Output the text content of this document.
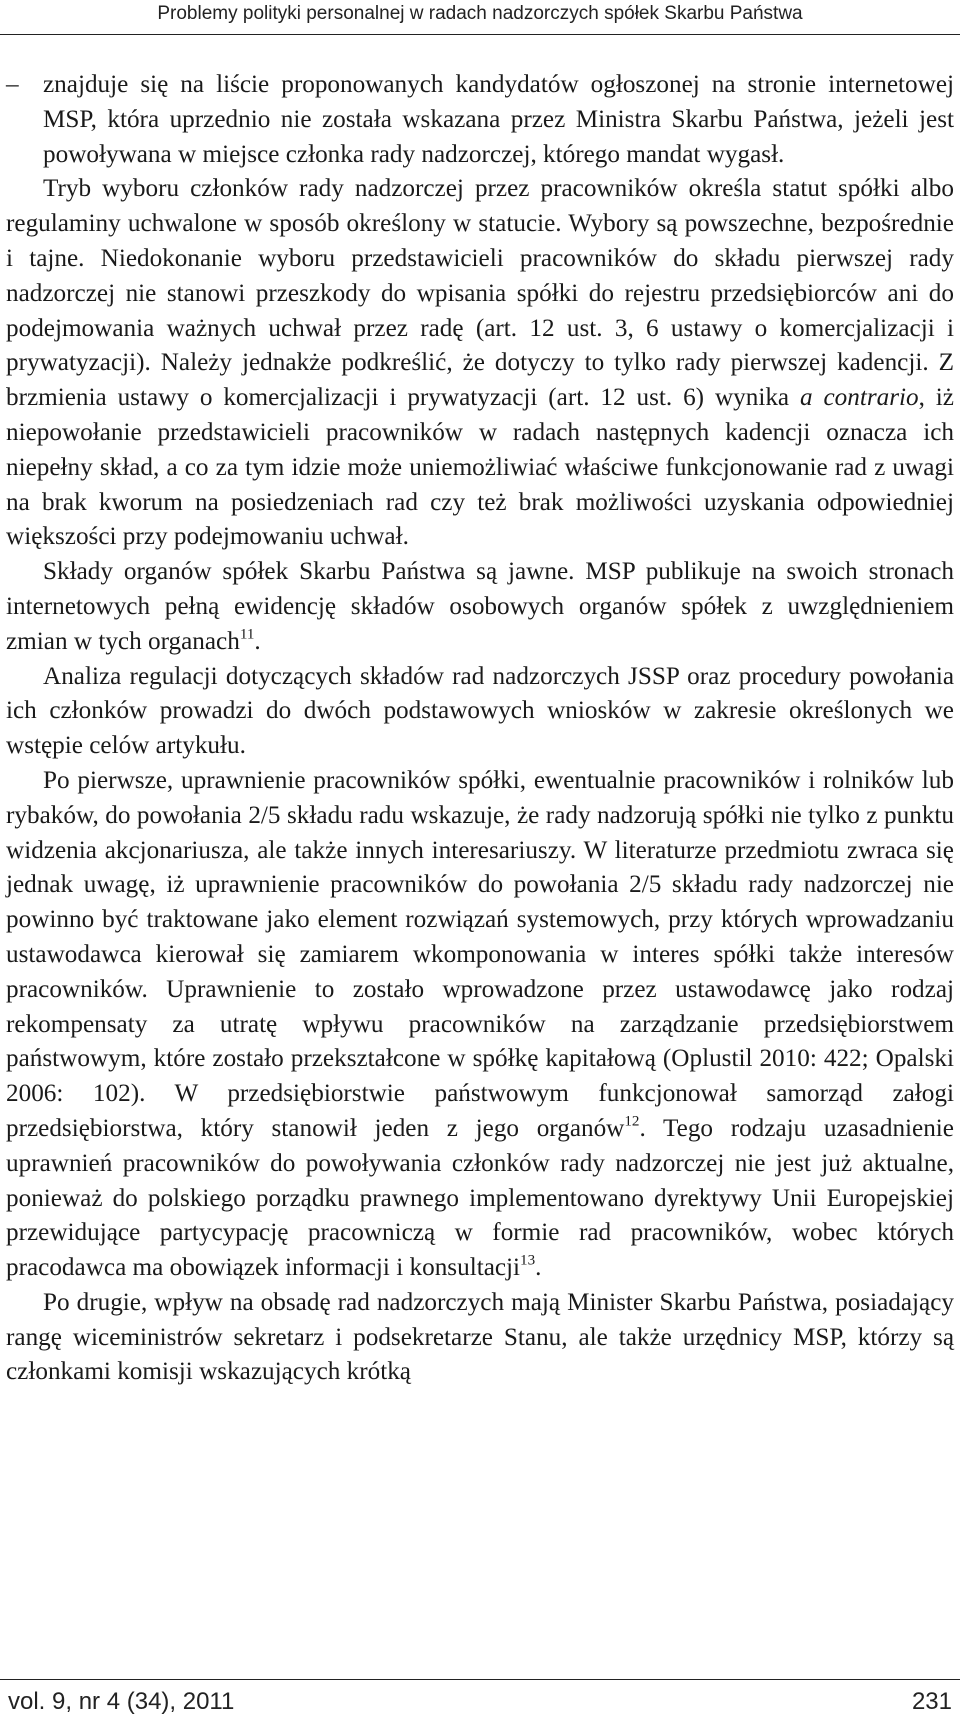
Problemy polityki personalnej w radach nadzorczych spółek Skarbu Państwa

– znajduje się na liście proponowanych kandydatów ogłoszonej na stronie internetowej MSP, która uprzednio nie została wskazana przez Ministra Skarbu Państwa, jeżeli jest powoływana w miejsce członka rady nadzorczej, którego mandat wygasł.

Tryb wyboru członków rady nadzorczej przez pracowników określa statut spółki albo regulaminy uchwalone w sposób określony w statucie. Wybory są powszechne, bezpośrednie i tajne. Niedokonanie wyboru przedstawicieli pracowników do składu pierwszej rady nadzorczej nie stanowi przeszkody do wpisania spółki do rejestru przedsiębiorców ani do podejmowania ważnych uchwał przez radę (art. 12 ust. 3, 6 ustawy o komercjalizacji i prywatyzacji). Należy jednakże podkreślić, że dotyczy to tylko rady pierwszej kadencji. Z brzmienia ustawy o komercjalizacji i prywatyzacji (art. 12 ust. 6) wynika a contrario, iż niepowołanie przedstawicieli pracowników w radach następnych kadencji oznacza ich niepełny skład, a co za tym idzie może uniemożliwiać właściwe funkcjonowanie rad z uwagi na brak kworum na posiedzeniach rad czy też brak możliwości uzyskania odpowiedniej większości przy podejmowaniu uchwał.

Składy organów spółek Skarbu Państwa są jawne. MSP publikuje na swoich stronach internetowych pełną ewidencję składów osobowych organów spółek z uwzględnieniem zmian w tych organach$^{11}$.

Analiza regulacji dotyczących składów rad nadzorczych JSSP oraz procedury powołania ich członków prowadzi do dwóch podstawowych wniosków w zakresie określonych we wstępie celów artykułu.

Po pierwsze, uprawnienie pracowników spółki, ewentualnie pracowników i rolników lub rybaków, do powołania 2/5 składu radu wskazuje, że rady nadzorują spółki nie tylko z punktu widzenia akcjonariusza, ale także innych interesariuszy. W literaturze przedmiotu zwraca się jednak uwagę, iż uprawnienie pracowników do powołania 2/5 składu rady nadzorczej nie powinno być traktowane jako element rozwiązań systemowych, przy których wprowadzaniu ustawodawca kierował się zamiarem wkomponowania w interes spółki także interesów pracowników. Uprawnienie to zostało wprowadzone przez ustawodawcę jako rodzaj rekompensaty za utratę wpływu pracowników na zarządzanie przedsiębiorstwem państwowym, które zostało przekształcone w spółkę kapitałową (Oplustil 2010: 422; Opalski 2006: 102). W przedsiębiorstwie państwowym funkcjonował samorząd załogi przedsiębiorstwa, który stanowił jeden z jego organów$^{12}$. Tego rodzaju uzasadnienie uprawnień pracowników do powoływania członków rady nadzorczej nie jest już aktualne, ponieważ do polskiego porządku prawnego implementowano dyrektywy Unii Europejskiej przewidujące partycypację pracowniczą w formie rad pracowników, wobec których pracodawca ma obowiązek informacji i konsultacji$^{13}$.

Po drugie, wpływ na obsadę rad nadzorczych mają Minister Skarbu Państwa, posiadający rangę wiceministrów sekretarz i podsekretarze Stanu, ale także urzędnicy MSP, którzy są członkami komisji wskazujących krótką

vol. 9, nr 4 (34), 2011	231
